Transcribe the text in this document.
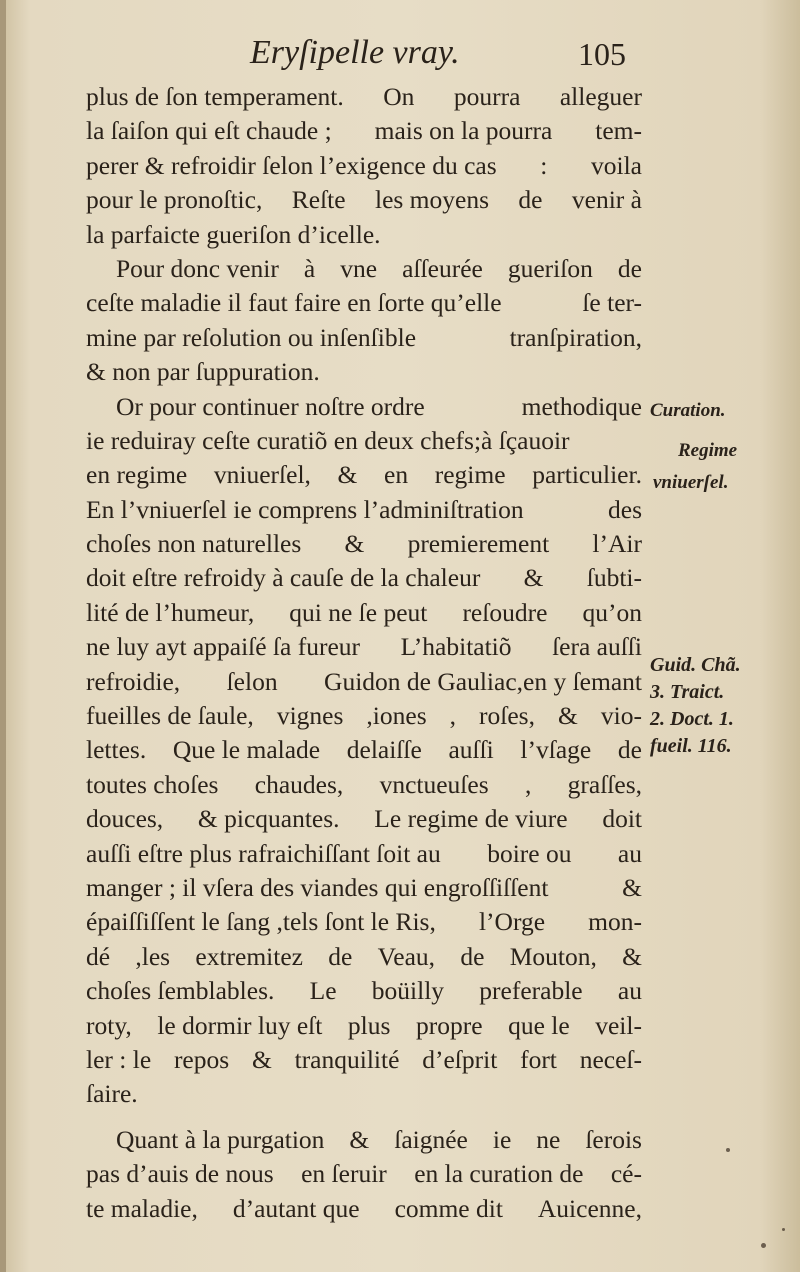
Eryſipelle vray.	105
plus de ſon temperament. On pourra alleguer
la ſaiſon qui eſt chaude ; mais on la pourra tem-
perer & refroidir ſelon l’exigence du cas : voila
pour le pronoſtic, Reſte les moyens de venir à
la parfaicte gueriſon d’icelle.
Pour donc venir à vne aſſeurée gueriſon de
ceſte maladie il faut faire en ſorte qu’elle	ſe ter-
mine par reſolution ou inſenſible	tranſpiration,
& non par ſuppuration.
Or pour continuer noſtre ordre	methodique
ie reduiray ceſte curatiõ en deux chefs;à ſçauoir
en regime vniuerſel, & en regime particulier.
En l’vniuerſel ie comprens l’adminiſtration	des
choſes non naturelles & premierement l’Air
doit eſtre refroidy à cauſe de la chaleur & ſubti-
lité de l’humeur, qui ne ſe peut reſoudre qu’on
ne luy ayt appaiſé ſa fureur L’habitatiõ ſera auſſi
refroidie, ſelon Guidon de Gauliac,en y ſemant
fueilles de ſaule, vignes ,iones , roſes, & vio-
lettes. Que le malade delaiſſe auſſi l’vſage de
toutes choſes chaudes, vnctueuſes , graſſes,
douces, & picquantes. Le regime de viure doit
auſſi eſtre plus rafraichiſſant ſoit au boire ou au
manger ; il vſera des viandes qui engroſſiſſent	&
épaiſſiſſent le ſang ,tels ſont le Ris, l’Orge mon-
dé ,les extremitez de Veau, de Mouton, &
choſes ſemblables. Le boüilly preferable au
roty, le dormir luy eſt plus propre que le veil-
ler : le repos & tranquilité d’eſprit fort neceſ-
ſaire.
Quant à la purgation & ſaignée ie ne ſerois
pas d’auis de nous en ſeruir en la curation de cé-
te maladie, d’autant que comme dit Auicenne,
Curation.
Regime
vniuerſel.
Guid. Chã.
3. Traict.
2. Doct. 1.
fueil. 116.
